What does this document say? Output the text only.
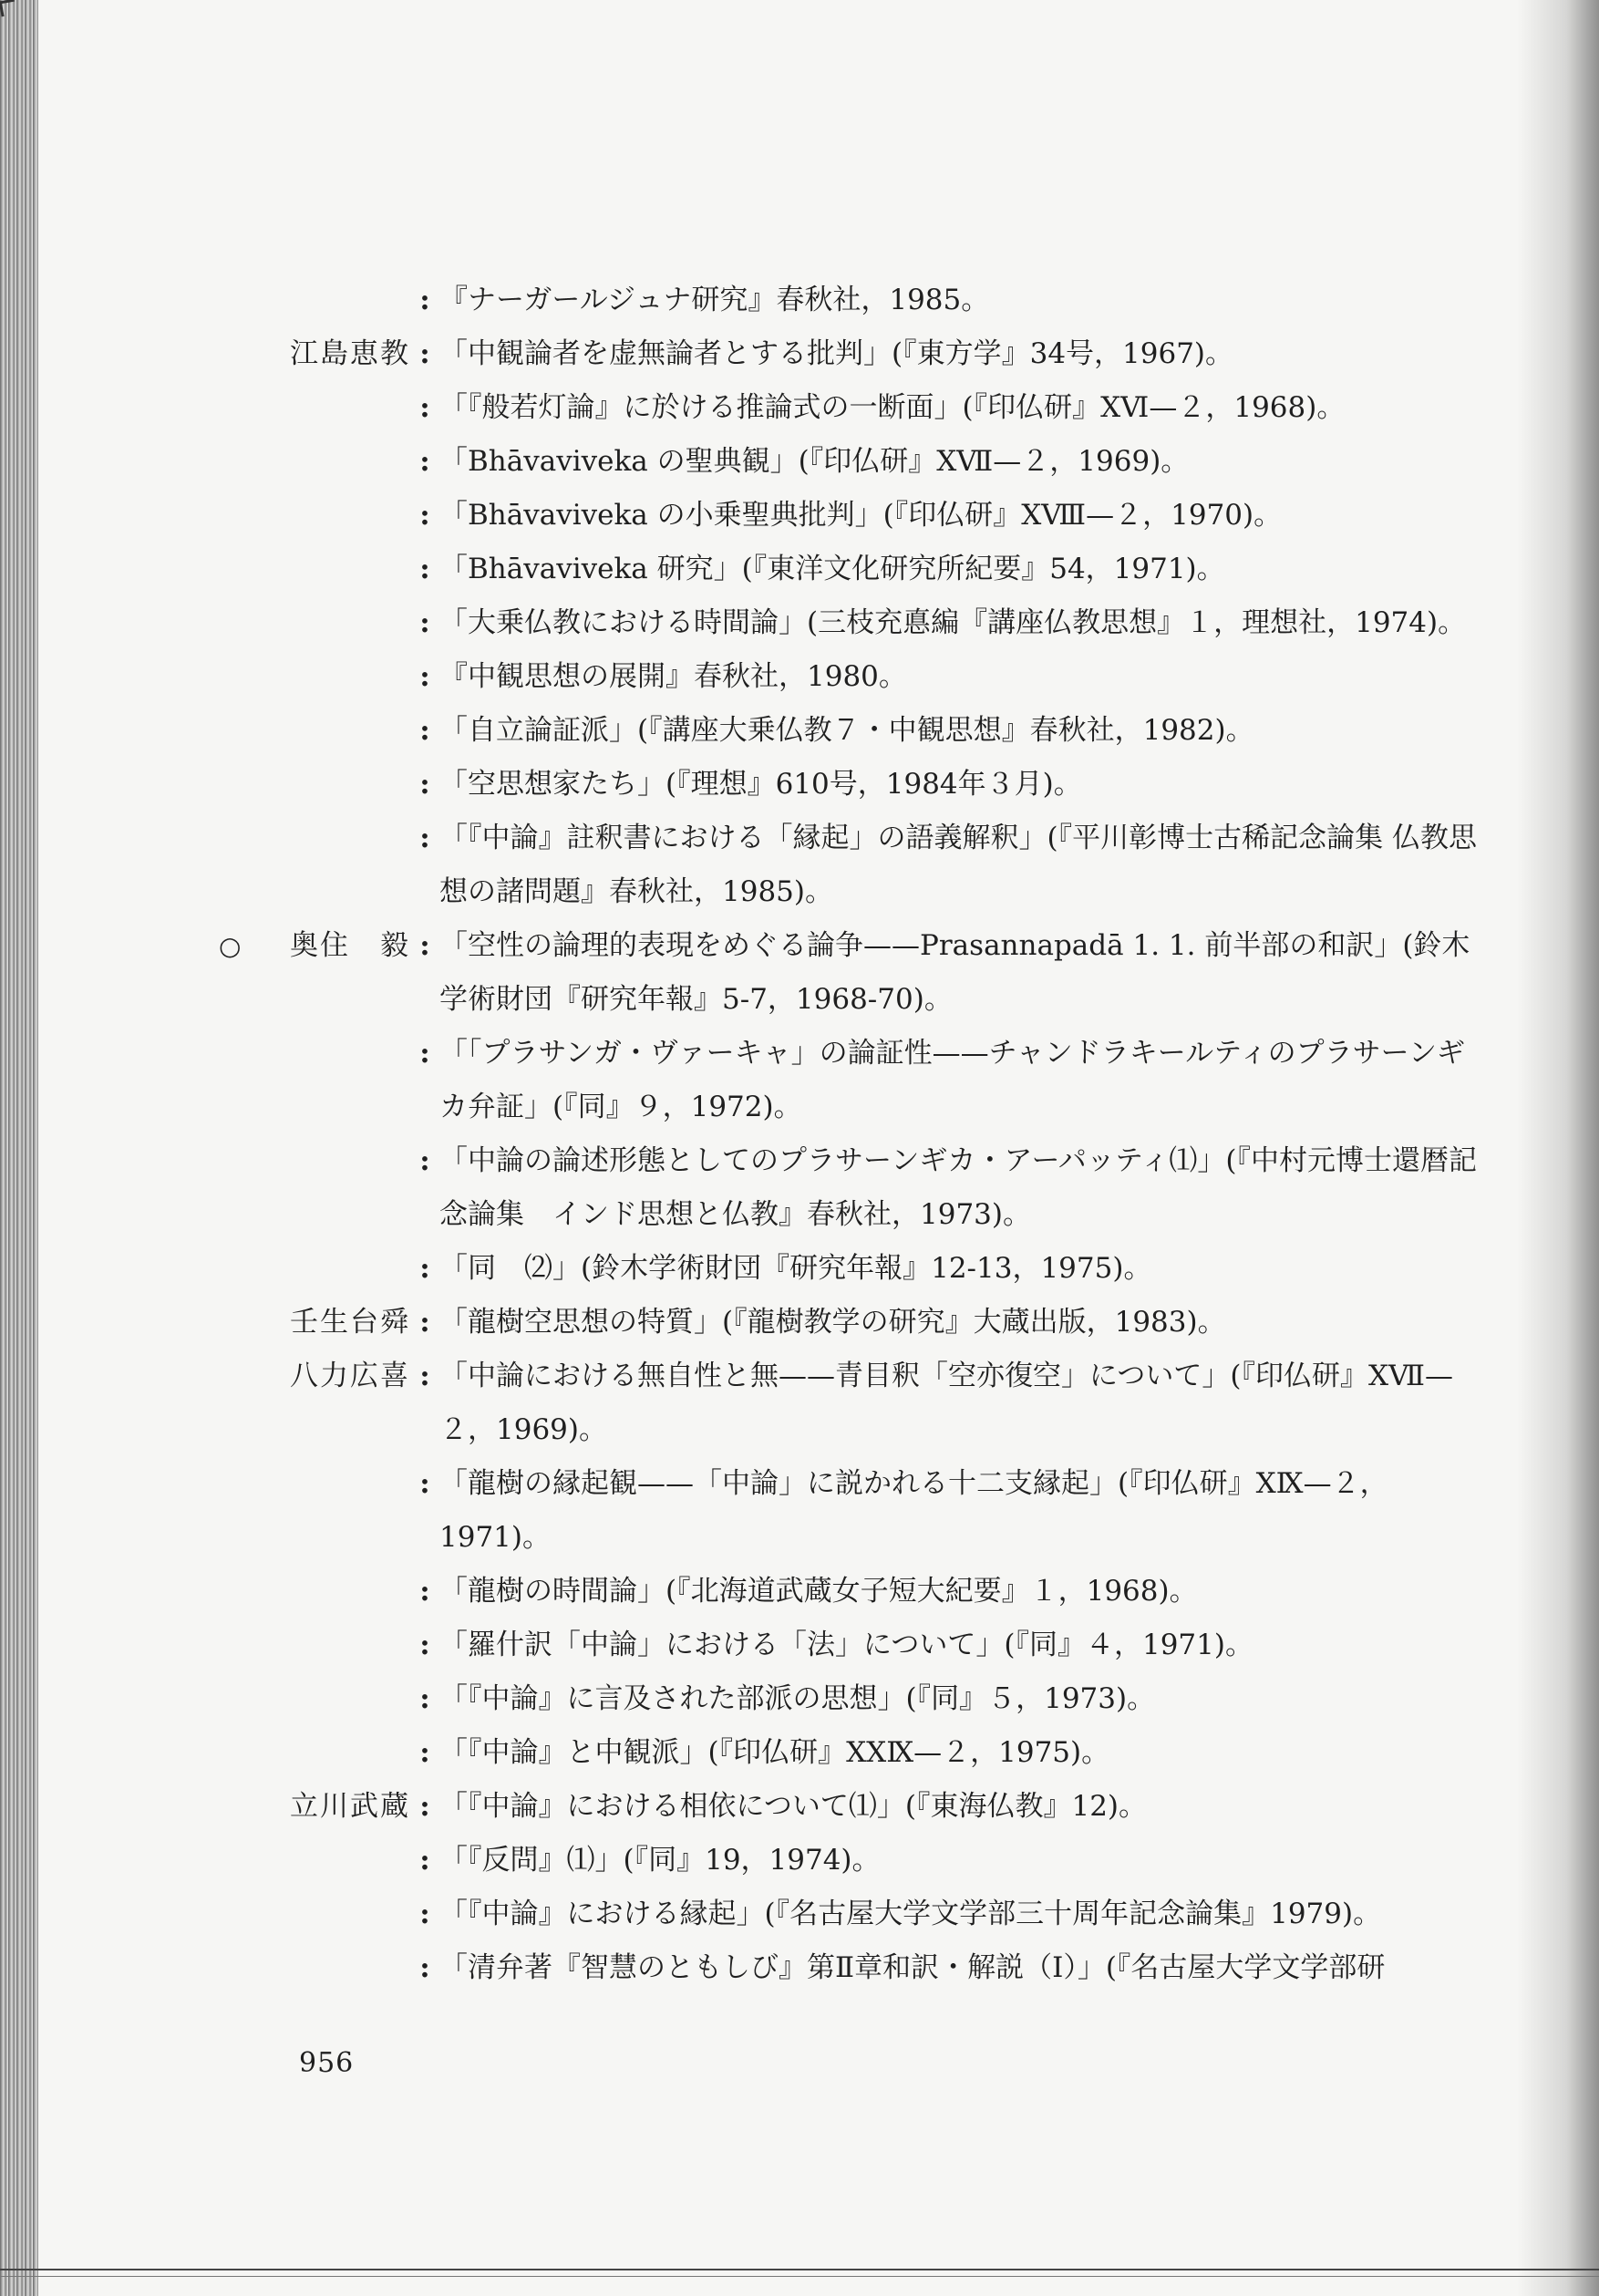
: 『ナーガールジュナ研究』春秋社，1985。
江島恵教 : 「中観論者を虚無論者とする批判」(『東方学』34号，1967)。
: 「『般若灯論』に於ける推論式の一断面」(『印仏研』ⅩⅥ—２，1968)。
: 「Bhāvaviveka の聖典観」(『印仏研』ⅩⅦ—２，1969)。
: 「Bhāvaviveka の小乗聖典批判」(『印仏研』ⅩⅧ—２，1970)。
: 「Bhāvaviveka 研究」(『東洋文化研究所紀要』54，1971)。
: 「大乗仏教における時間論」(三枝充悳編『講座仏教思想』１，理想社，1974)。
: 『中観思想の展開』春秋社，1980。
: 「自立論証派」(『講座大乗仏教７・中観思想』春秋社，1982)。
: 「空思想家たち」(『理想』610号，1984年３月)。
: 「『中論』註釈書における「縁起」の語義解釈」(『平川彰博士古稀記念論集 仏教思想の諸問題』春秋社，1985)。
○ 奥住　毅 : 「空性の論理的表現をめぐる論争——Prasannapadā 1. 1. 前半部の和訳」(鈴木学術財団『研究年報』5-7，1968-70)。
: 「「プラサンガ・ヴァーキャ」の論証性——チャンドラキールティのプラサーンギカ弁証」(『同』９，1972)。
: 「中論の論述形態としてのプラサーンギカ・アーパッティ⑴」(『中村元博士還暦記念論集　インド思想と仏教』春秋社，1973)。
: 「同　⑵」(鈴木学術財団『研究年報』12-13，1975)。
壬生台舜 : 「龍樹空思想の特質」(『龍樹教学の研究』大蔵出版，1983)。
八力広喜 : 「中論における無自性と無——青目釈「空亦復空」について」(『印仏研』ⅩⅦ—２，1969)。
: 「龍樹の縁起観——「中論」に説かれる十二支縁起」(『印仏研』ⅩⅨ—２，1971)。
: 「龍樹の時間論」(『北海道武蔵女子短大紀要』１，1968)。
: 「羅什訳「中論」における「法」について」(『同』４，1971)。
: 「『中論』に言及された部派の思想」(『同』５，1973)。
: 「『中論』と中観派」(『印仏研』ⅩⅩⅨ—２，1975)。
立川武蔵 : 「『中論』における相依について⑴」(『東海仏教』12)。
: 「『反問』⑴」(『同』19，1974)。
: 「『中論』における縁起」(『名古屋大学文学部三十周年記念論集』1979)。
: 「清弁著『智慧のともしび』第Ⅱ章和訳・解説（Ⅰ）」(『名古屋大学文学部研
956
